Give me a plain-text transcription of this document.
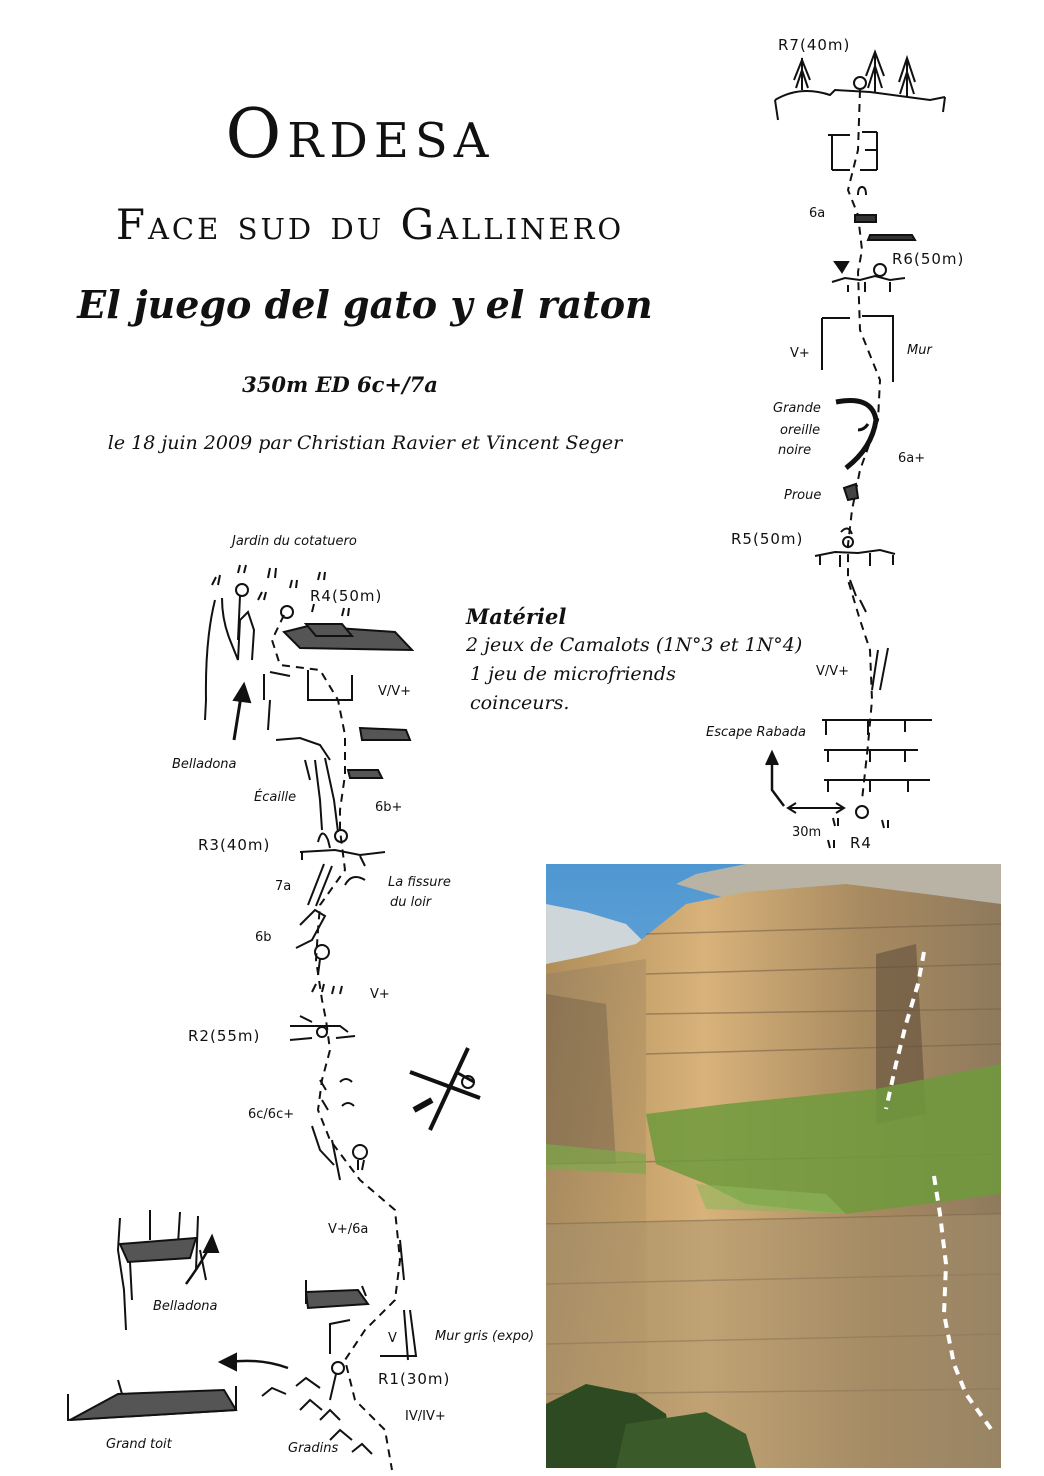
Ordesa
Face sud du Gallinero
El juego del gato y el raton
350m ED 6c+/7a
le 18 juin 2009 par Christian Ravier et Vincent Seger
Matériel
2 jeux de Camalots (1N°3 et 1N°4)
1 jeu de microfriends
coinceurs.
R7(40m)
6a
R6(50m)
V+	Mur
Grande
oreille
noire
6a+
Proue
R5(50m)
V/V+
Escape Rabada
30m
R4
Jardin du cotatuero
R4(50m)
V/V+
Belladona
Écaille
6b+
R3(40m)
La fissure
du loir
7a
6b
V+
R2(55m)
6c/6c+
V+/6a
Belladona
V	Mur gris (expo)
R1(30m)
IV/IV+
Grand toit	Gradins
